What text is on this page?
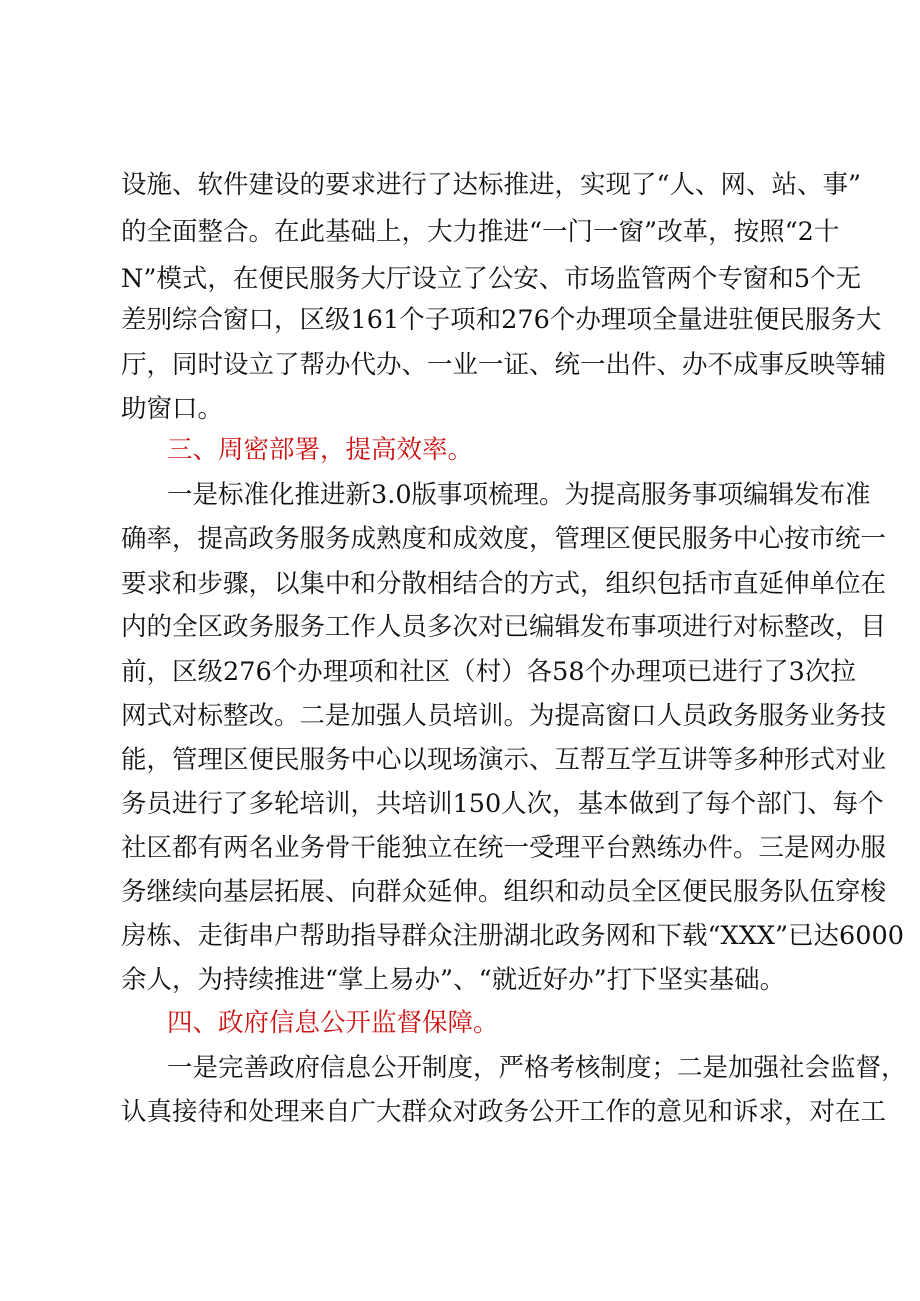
设施、软件建设的要求进行了达标推进，实现了“人、网、站、事”
的全面整合。在此基础上，大力推进“一门一窗”改革，按照“2十
N”模式，在便民服务大厅设立了公安、市场监管两个专窗和5个无
差别综合窗口，区级161个子项和276个办理项全量进驻便民服务大
厅，同时设立了帮办代办、一业一证、统一出件、办不成事反映等辅
助窗口。
三、周密部署，提高效率。
一是标准化推进新3.0版事项梳理。为提高服务事项编辑发布准
确率，提高政务服务成熟度和成效度，管理区便民服务中心按市统一
要求和步骤，以集中和分散相结合的方式，组织包括市直延伸单位在
内的全区政务服务工作人员多次对已编辑发布事项进行对标整改，目
前，区级276个办理项和社区（村）各58个办理项已进行了3次拉
网式对标整改。二是加强人员培训。为提高窗口人员政务服务业务技
能，管理区便民服务中心以现场演示、互帮互学互讲等多种形式对业
务员进行了多轮培训，共培训150人次，基本做到了每个部门、每个
社区都有两名业务骨干能独立在统一受理平台熟练办件。三是网办服
务继续向基层拓展、向群众延伸。组织和动员全区便民服务队伍穿梭
房栋、走街串户帮助指导群众注册湖北政务网和下载“XXX”已达6000
余人，为持续推进“掌上易办”、“就近好办”打下坚实基础。
四、政府信息公开监督保障。
一是完善政府信息公开制度，严格考核制度；二是加强社会监督，
认真接待和处理来自广大群众对政务公开工作的意见和诉求，对在工
